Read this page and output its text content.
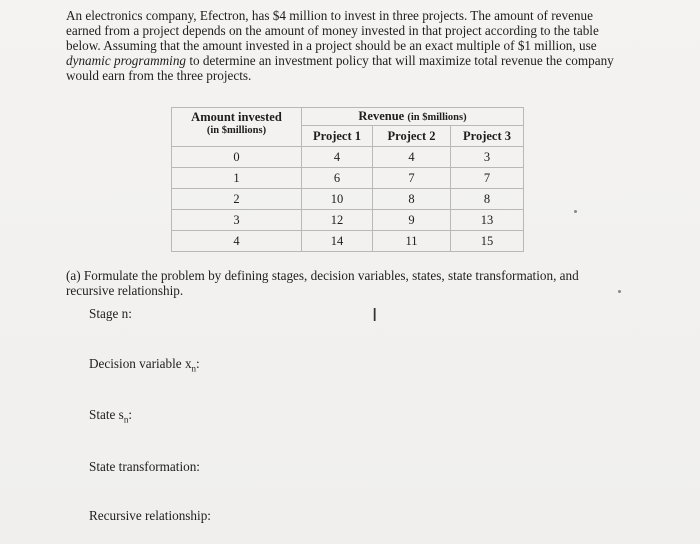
An electronics company, Efectron, has $4 million to invest in three projects. The amount of revenue earned from a project depends on the amount of money invested in that project according to the table below. Assuming that the amount invested in a project should be an exact multiple of $1 million, use dynamic programming to determine an investment policy that will maximize total revenue the company would earn from the three projects.

Amount invested
(in $millions)	Revenue (in $millions)		
	Project 1	Project 2	Project 3
0	4	4	3
1	6	7	7
2	10	8	8
3	12	9	13
4	14	11	15
(a) Formulate the problem by defining stages, decision variables, states, state transformation, and recursive relationship.
Stage n:	I
Decision variable $x_n$:
State $s_n$:
State transformation:
Recursive relationship:
